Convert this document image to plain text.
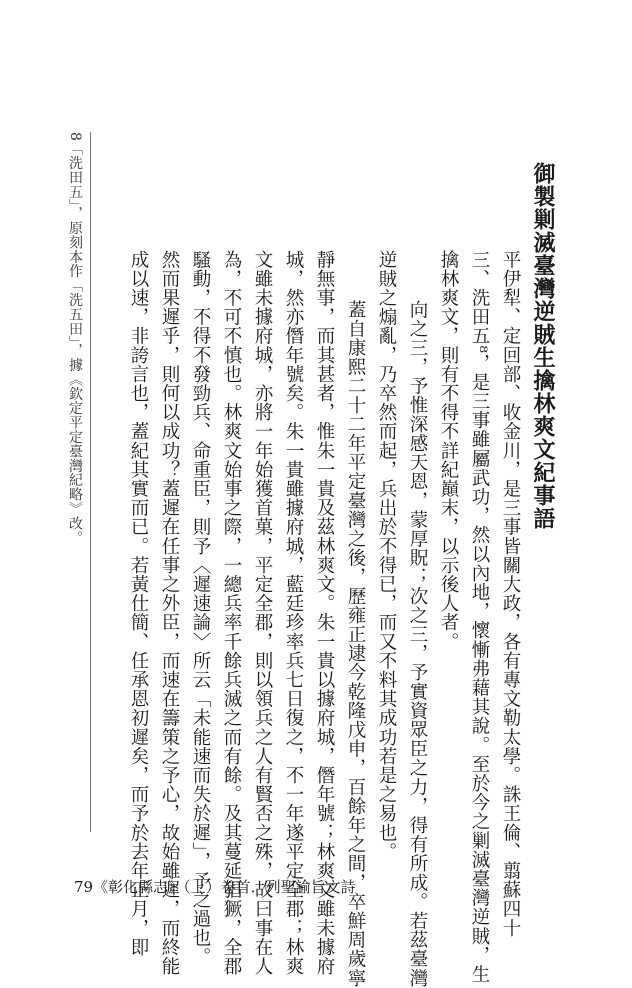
御製剿滅臺灣逆賊生擒林爽文紀事語
平伊犁、定回部、收金川，是三事皆關大政，各有專文勒太學。誅王倫、翦蘇四十
三、洗田五⁸，是三事雖屬武功，然以內地，懷慚弗藉其說。至於今之剿滅臺灣逆賊，生
擒林爽文，則有不得不詳紀巔末，以示後人者。
向之三，予惟深感天恩，蒙厚貺；次之三，予實資眾臣之力，得有所成。若茲臺灣
逆賊之煽亂，乃卒然而起，兵出於不得已，而又不料其成功若是之易也。
蓋自康熙二十二年平定臺灣之後，歷雍正逮今乾隆戊申，百餘年之間，卒鮮周歲寧
靜無事，而其甚者，惟朱一貴及茲林爽文。朱一貴以據府城，僭年號；林爽文雖未據府
城，然亦僭年號矣。朱一貴雖據府城，藍廷珍率兵七日復之，不一年遂平定全郡；林爽
文雖未據府城，亦將一年始獲首菓，平定全郡，則以領兵之人有賢否之殊，故曰事在人
為，不可不慎也。林爽文始事之際，一總兵率千餘兵滅之而有餘。及其蔓延猖獗，全郡
騷動，不得不發勁兵、命重臣，則予〈遲速論〉所云「未能速而失於遲」，予之過也。
然而果遲乎，則何以成功？蓋遲在任事之外臣，而速在籌策之予心，故始雖遲，而終能
成以速，非誇言也，蓋紀其實而已。若黃仕簡、任承恩初遲矣，而予於去年正月，即
8「洗田五」，原刻本作「洗五田」，據《欽定平定臺灣紀略》改。
79《彰化縣志》（上）卷首．列聖諭旨文詩
